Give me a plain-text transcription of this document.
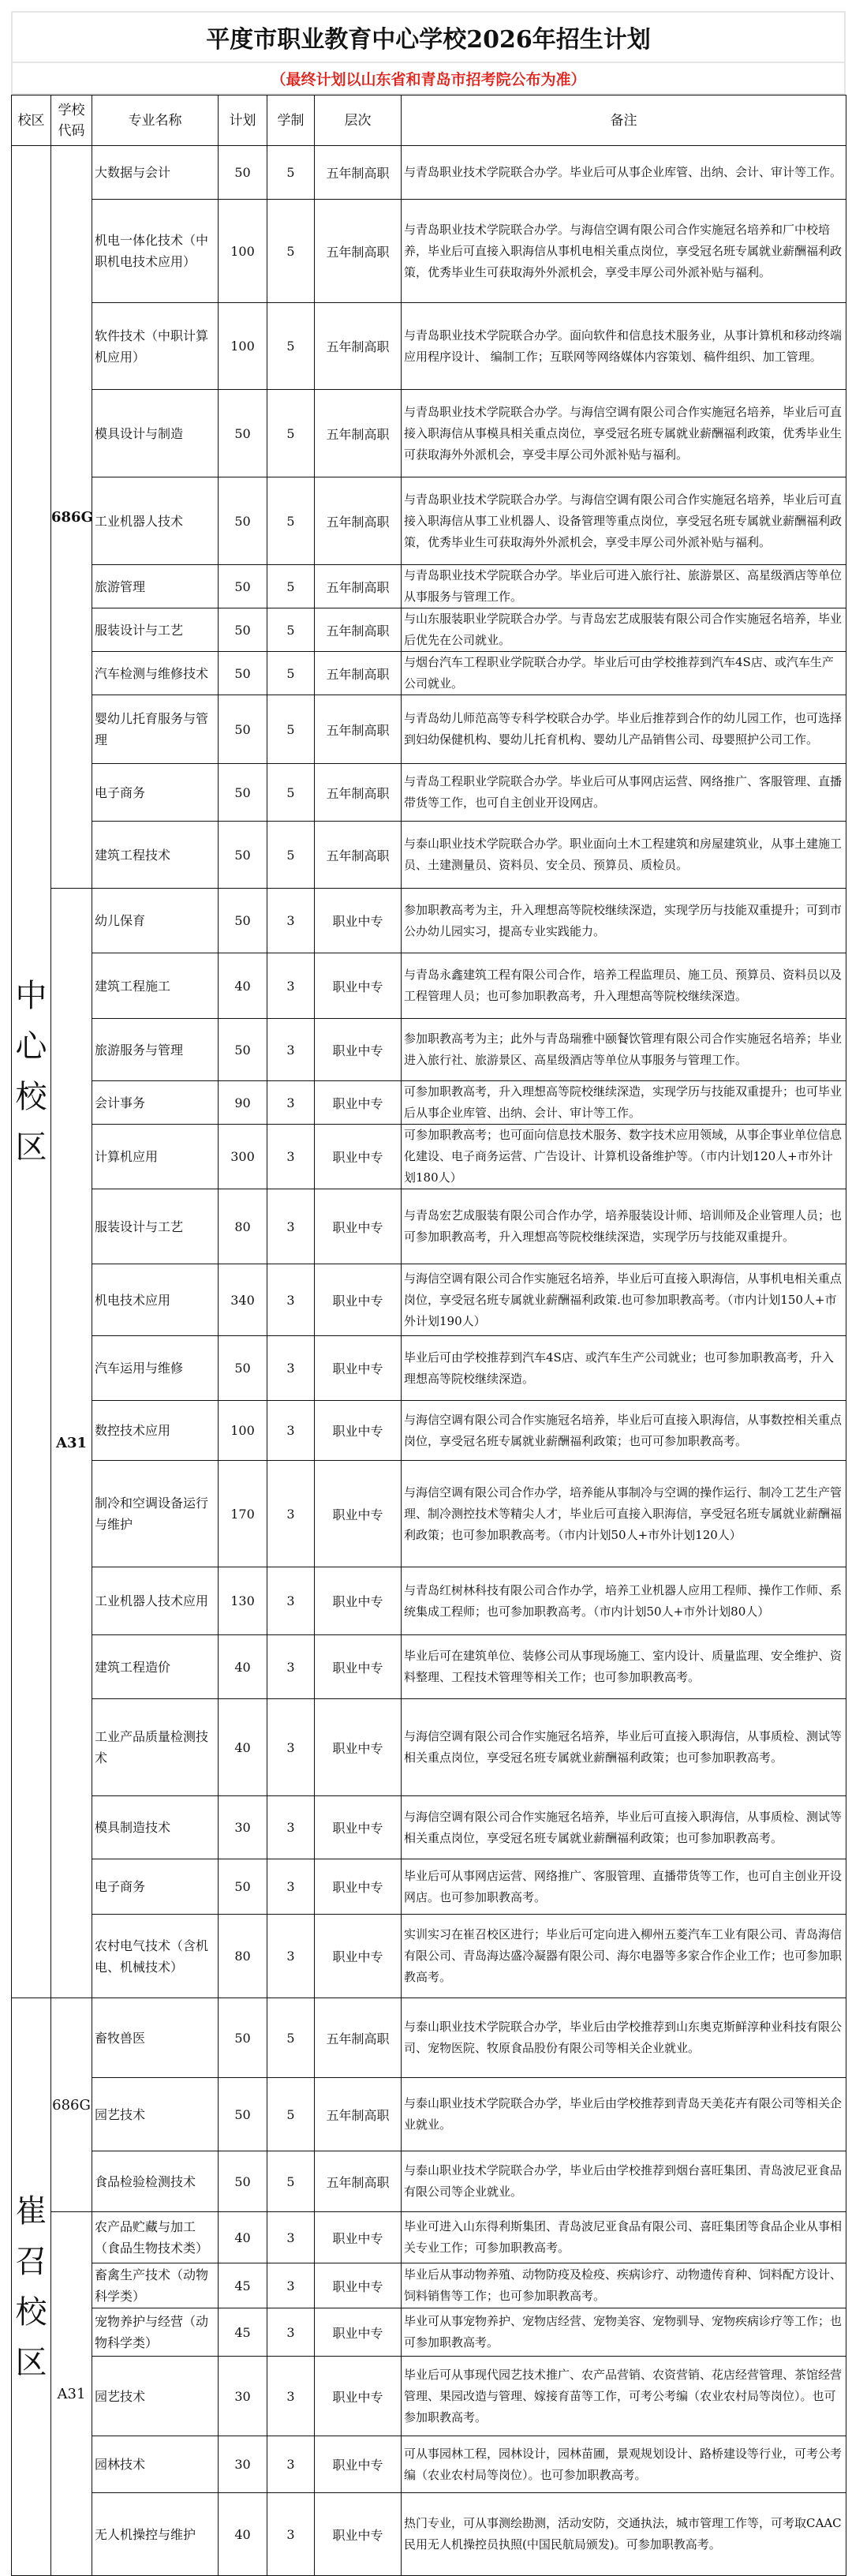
平度市职业教育中心学校2026年招生计划
（最终计划以山东省和青岛市招考院公布为准）
校区	学校代码	专业名称	计划	学制	层次	备注
中心校区	686G	大数据与会计	50	5	五年制高职	与青岛职业技术学院联合办学。毕业后可从事企业库管、出纳、会计、审计等工作。
		机电一体化技术（中职机电技术应用）	100	5	五年制高职	与青岛职业技术学院联合办学。与海信空调有限公司合作实施冠名培养和厂中校培养，毕业后可直接入职海信从事机电相关重点岗位，享受冠名班专属就业薪酬福利政策，优秀毕业生可获取海外外派机会，享受丰厚公司外派补贴与福利。
		软件技术（中职计算机应用）	100	5	五年制高职	与青岛职业技术学院联合办学。面向软件和信息技术服务业，从事计算机和移动终端应用程序设计、 编制工作；互联网等网络媒体内容策划、稿件组织、加工管理。
		模具设计与制造	50	5	五年制高职	与青岛职业技术学院联合办学。与海信空调有限公司合作实施冠名培养，毕业后可直接入职海信从事模具相关重点岗位，享受冠名班专属就业薪酬福利政策，优秀毕业生可获取海外外派机会，享受丰厚公司外派补贴与福利。
		工业机器人技术	50	5	五年制高职	与青岛职业技术学院联合办学。与海信空调有限公司合作实施冠名培养，毕业后可直接入职海信从事工业机器人、设备管理等重点岗位，享受冠名班专属就业薪酬福利政策，优秀毕业生可获取海外外派机会，享受丰厚公司外派补贴与福利。
		旅游管理	50	5	五年制高职	与青岛职业技术学院联合办学。毕业后可进入旅行社、旅游景区、高星级酒店等单位从事服务与管理工作。
		服装设计与工艺	50	5	五年制高职	与山东服装职业学院联合办学。与青岛宏艺成服装有限公司合作实施冠名培养，毕业后优先在公司就业。
		汽车检测与维修技术	50	5	五年制高职	与烟台汽车工程职业学院联合办学。毕业后可由学校推荐到汽车4S店、或汽车生产公司就业。
		婴幼儿托育服务与管理	50	5	五年制高职	与青岛幼儿师范高等专科学校联合办学。毕业后推荐到合作的幼儿园工作，也可选择到妇幼保健机构、婴幼儿托育机构、婴幼儿产品销售公司、母婴照护公司工作。
		电子商务	50	5	五年制高职	与青岛工程职业学院联合办学。毕业后可从事网店运营、网络推广、客服管理、直播带货等工作，也可自主创业开设网店。
		建筑工程技术	50	5	五年制高职	与泰山职业技术学院联合办学。职业面向土木工程建筑和房屋建筑业，从事土建施工员、土建测量员、资料员、安全员、预算员、质检员。
	A31	幼儿保育	50	3	职业中专	参加职教高考为主，升入理想高等院校继续深造，实现学历与技能双重提升；可到市公办幼儿园实习，提高专业实践能力。
		建筑工程施工	40	3	职业中专	与青岛永鑫建筑工程有限公司合作，培养工程监理员、施工员、预算员、资料员以及工程管理人员；也可参加职教高考，升入理想高等院校继续深造。
		旅游服务与管理	50	3	职业中专	参加职教高考为主；此外与青岛瑞雅中颐餐饮管理有限公司合作实施冠名培养；毕业进入旅行社、旅游景区、高星级酒店等单位从事服务与管理工作。
		会计事务	90	3	职业中专	可参加职教高考，升入理想高等院校继续深造，实现学历与技能双重提升；也可毕业后从事企业库管、出纳、会计、审计等工作。
		计算机应用	300	3	职业中专	可参加职教高考；也可面向信息技术服务、数字技术应用领域，从事企事业单位信息化建设、电子商务运营、广告设计、计算机设备维护等。（市内计划120人+市外计划180人）
		服装设计与工艺	80	3	职业中专	与青岛宏艺成服装有限公司合作办学，培养服装设计师、培训师及企业管理人员；也可参加职教高考，升入理想高等院校继续深造，实现学历与技能双重提升。
		机电技术应用	340	3	职业中专	与海信空调有限公司合作实施冠名培养，毕业后可直接入职海信，从事机电相关重点岗位，享受冠名班专属就业薪酬福利政策.也可参加职教高考。（市内计划150人+市外计划190人）
		汽车运用与维修	50	3	职业中专	毕业后可由学校推荐到汽车4S店、或汽车生产公司就业；也可参加职教高考，升入理想高等院校继续深造。
		数控技术应用	100	3	职业中专	与海信空调有限公司合作实施冠名培养，毕业后可直接入职海信，从事数控相关重点岗位，享受冠名班专属就业薪酬福利政策；也可可参加职教高考。
		制冷和空调设备运行与维护	170	3	职业中专	与海信空调有限公司合作办学，培养能从事制冷与空调的操作运行、制冷工艺生产管理、制冷测控技术等精尖人才，毕业后可直接入职海信，享受冠名班专属就业薪酬福利政策；也可参加职教高考。（市内计划50人+市外计划120人）
		工业机器人技术应用	130	3	职业中专	与青岛红树林科技有限公司合作办学，培养工业机器人应用工程师、操作工作师、系统集成工程师；也可参加职教高考。（市内计划50人+市外计划80人）
		建筑工程造价	40	3	职业中专	毕业后可在建筑单位、装修公司从事现场施工、室内设计、质量监理、安全维护、资料整理、工程技术管理等相关工作；也可参加职教高考。
		工业产品质量检测技术	40	3	职业中专	与海信空调有限公司合作实施冠名培养，毕业后可直接入职海信，从事质检、测试等相关重点岗位，享受冠名班专属就业薪酬福利政策；也可参加职教高考。
		模具制造技术	30	3	职业中专	与海信空调有限公司合作实施冠名培养，毕业后可直接入职海信，从事质检、测试等相关重点岗位，享受冠名班专属就业薪酬福利政策；也可参加职教高考。
		电子商务	50	3	职业中专	毕业后可从事网店运营、网络推广、客服管理、直播带货等工作，也可自主创业开设网店。也可参加职教高考。
		农村电气技术（含机电、机械技术）	80	3	职业中专	实训实习在崔召校区进行；毕业后可定向进入柳州五菱汽车工业有限公司、青岛海信有限公司、青岛海达盛冷凝器有限公司、海尔电器等多家合作企业工作；也可参加职教高考。
崔召校区	686G	畜牧兽医	50	5	五年制高职	与泰山职业技术学院联合办学，毕业后由学校推荐到山东奥克斯鲜淳种业科技有限公司、宠物医院、牧原食品股份有限公司等相关企业就业。
		园艺技术	50	5	五年制高职	与泰山职业技术学院联合办学，毕业后由学校推荐到青岛天美花卉有限公司等相关企业就业。
		食品检验检测技术	50	5	五年制高职	与泰山职业技术学院联合办学，毕业后由学校推荐到烟台喜旺集团、青岛波尼亚食品有限公司等企业就业。
	A31	农产品贮藏与加工（食品生物技术类）	40	3	职业中专	毕业可进入山东得利斯集团、青岛波尼亚食品有限公司、喜旺集团等食品企业从事相关专业工作；可参加职教高考。
		畜禽生产技术（动物科学类）	45	3	职业中专	毕业后从事动物养殖、动物防疫及检疫、疾病诊疗、动物遗传育种、饲料配方设计、饲料销售等工作；也可参加职教高考。
		宠物养护与经营（动物科学类）	45	3	职业中专	毕业可从事宠物养护、宠物店经营、宠物美容、宠物驯导、宠物疾病诊疗等工作；也可参加职教高考。
		园艺技术	30	3	职业中专	毕业后可从事现代园艺技术推广、农产品营销、农资营销、花店经营管理、茶馆经营管理、果园改造与管理、嫁接育苗等工作，可考公考编（农业农村局等岗位）。也可参加职教高考。
		园林技术	30	3	职业中专	可从事园林工程，园林设计，园林苗圃，景观规划设计、路桥建设等行业，可考公考编（农业农村局等岗位）。也可参加职教高考。
		无人机操控与维护	40	3	职业中专	热门专业，可从事测绘勘测，活动安防，交通执法，城市管理工作等，可考取CAAC民用无人机操控员执照(中国民航局颁发)。可参加职教高考。
